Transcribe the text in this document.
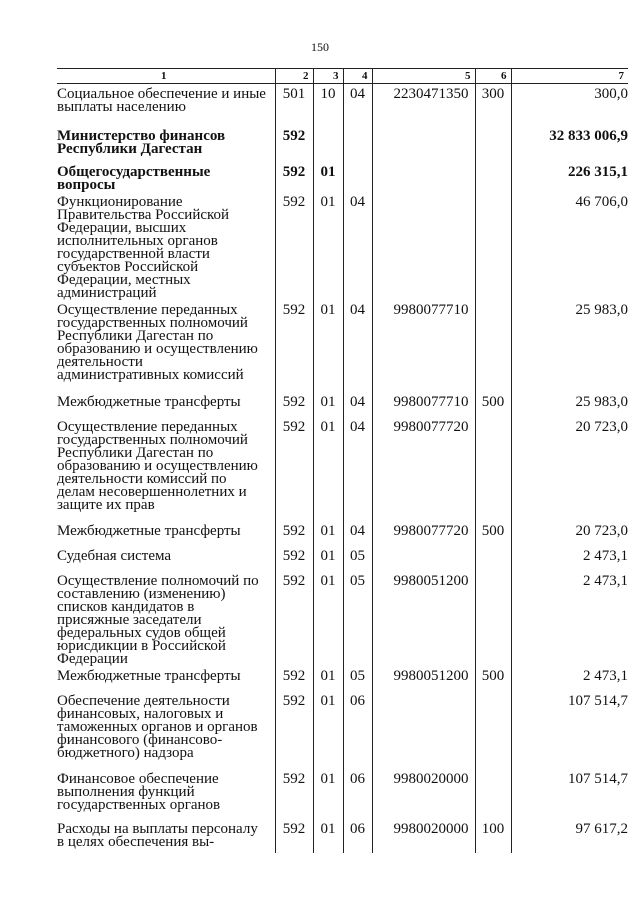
150
1	2	3	4	5	6	7

Социальное обеспечение и иные выплаты населению	501	10	04	2230471350	300	300,0

Министерство финансов Республики Дагестан	592					32 833 006,9

Общегосударственные вопросы	592	01				226 315,1

Функционирование Правительства Российской Федерации, высших исполнительных органов государственной власти субъектов Российской Федерации, местных администраций	592	01	04			46 706,0

Осуществление переданных государственных полномочий Республики Дагестан по образованию и осуществлению деятельности административных комиссий	592	01	04	9980077710		25 983,0

Межбюджетные трансферты	592	01	04	9980077710	500	25 983,0

Осуществление переданных государственных полномочий Республики Дагестан по образованию и осуществлению деятельности комиссий по делам несовершеннолетних и защите их прав	592	01	04	9980077720		20 723,0

Межбюджетные трансферты	592	01	04	9980077720	500	20 723,0

Судебная система	592	01	05			2 473,1

Осуществление полномочий по составлению (изменению) списков кандидатов в присяжные заседатели федеральных судов общей юрисдикции в Российской Федерации	592	01	05	9980051200		2 473,1

Межбюджетные трансферты	592	01	05	9980051200	500	2 473,1

Обеспечение деятельности финансовых, налоговых и таможенных органов и органов финансового (финансово-бюджетного) надзора	592	01	06			107 514,7

Финансовое обеспечение выполнения функций государственных органов	592	01	06	9980020000		107 514,7

Расходы на выплаты персоналу в целях обеспечения вы-	592	01	06	9980020000	100	97 617,2
